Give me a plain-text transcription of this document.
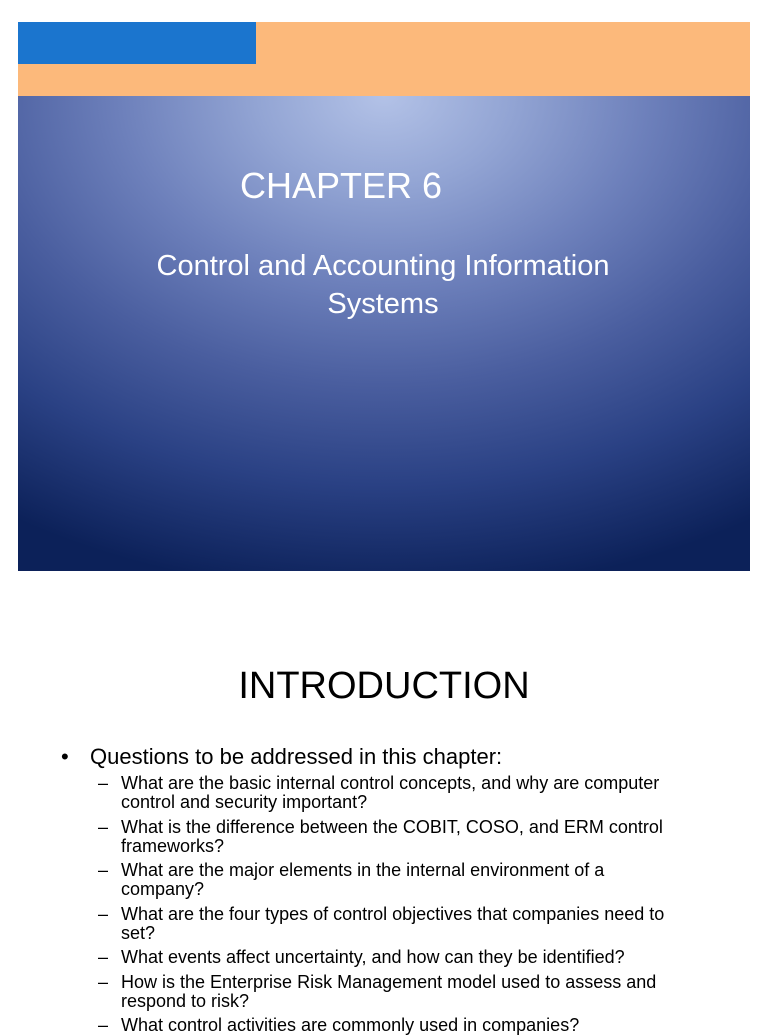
CHAPTER 6
Control and Accounting Information Systems
INTRODUCTION
• Questions to be addressed in this chapter:
– What are the basic internal control concepts, and why are computer control and security important?
– What is the difference between the COBIT, COSO, and ERM control frameworks?
– What are the major elements in the internal environment of a company?
– What are the four types of control objectives that companies need to set?
– What events affect uncertainty, and how can they be identified?
– How is the Enterprise Risk Management model used to assess and respond to risk?
– What control activities are commonly used in companies?
